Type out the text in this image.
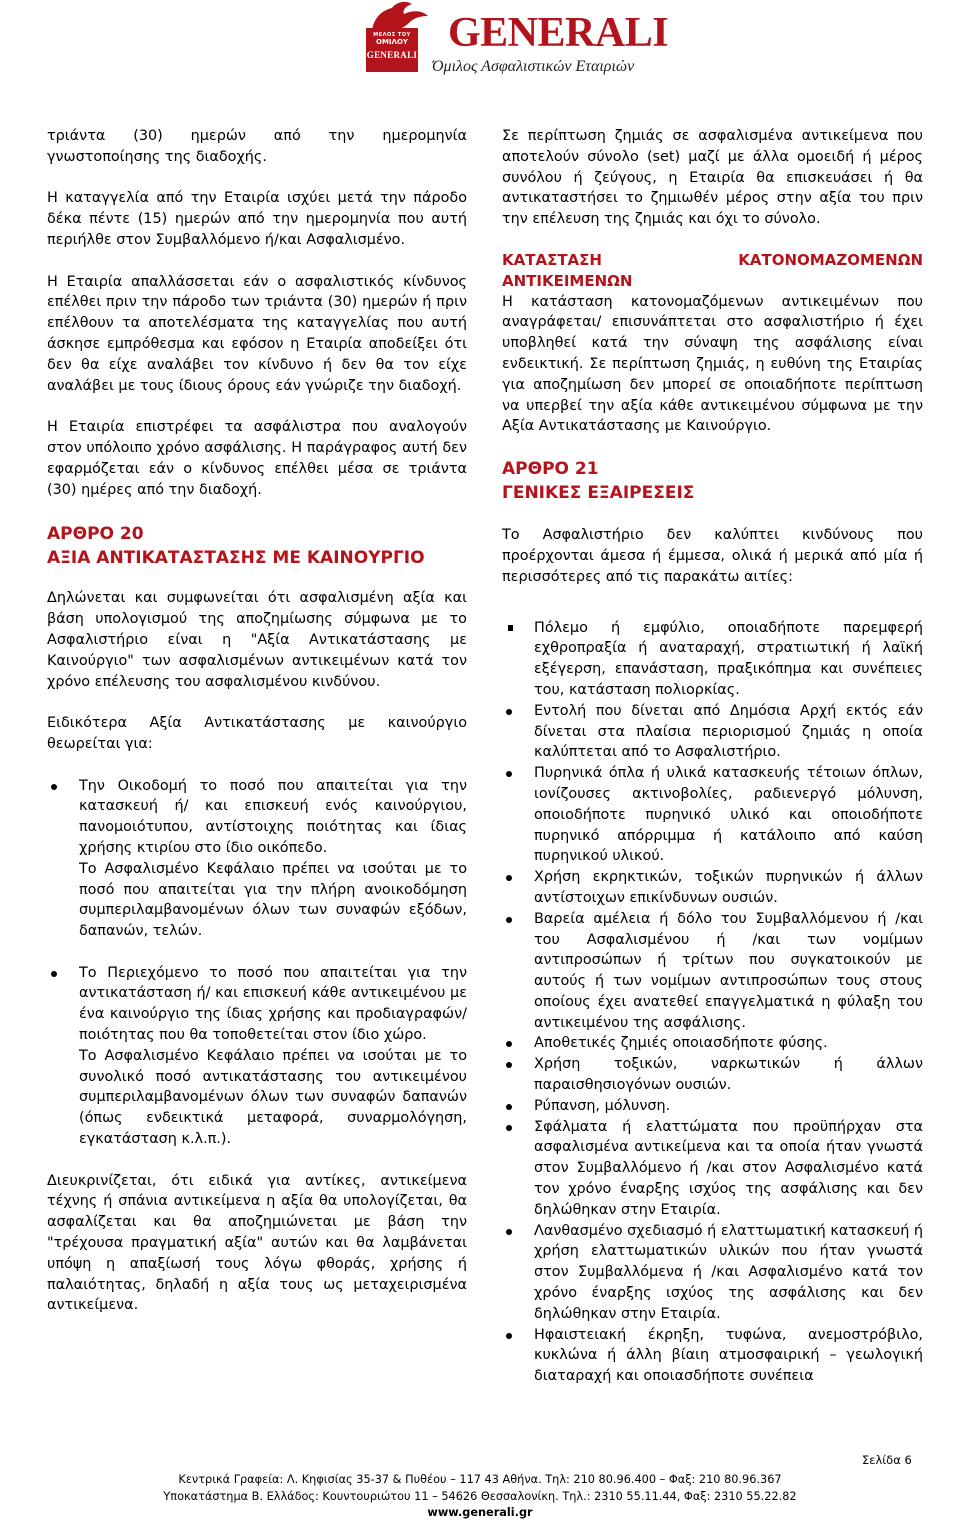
ΜΕΛΟΣ ΤΟΥ
ΟΜΙΛΟΥ
GENERALI GENERALI
Όμιλος Ασφαλιστικών Εταιριών

τριάντα (30) ημερών από την ημερομηνία γνωστοποίησης της διαδοχής.

Η καταγγελία από την Εταιρία ισχύει μετά την πάροδο δέκα πέντε (15) ημερών από την ημερομηνία που αυτή περιήλθε στον Συμβαλλόμενο ή/και Ασφαλισμένο.

Η Εταιρία απαλλάσσεται εάν ο ασφαλιστικός κίνδυνος επέλθει πριν την πάροδο των τριάντα (30) ημερών ή πριν επέλθουν τα αποτελέσματα της καταγγελίας που αυτή άσκησε εμπρόθεσμα και εφόσον η Εταιρία αποδείξει ότι δεν θα είχε αναλάβει τον κίνδυνο ή δεν θα τον είχε αναλάβει με τους ίδιους όρους εάν γνώριζε την διαδοχή.

Η Εταιρία επιστρέφει τα ασφάλιστρα που αναλογούν στον υπόλοιπο χρόνο ασφάλισης. Η παράγραφος αυτή δεν εφαρμόζεται εάν ο κίνδυνος επέλθει μέσα σε τριάντα (30) ημέρες από την διαδοχή.

ΑΡΘΡΟ 20

ΑΞΙΑ ΑΝΤΙΚΑΤΑΣΤΑΣΗΣ ΜΕ ΚΑΙΝΟΥΡΓΙΟ

Δηλώνεται και συμφωνείται ότι ασφαλισμένη αξία και βάση υπολογισμού της αποζημίωσης σύμφωνα με το Ασφαλιστήριο είναι η "Αξία Αντικατάστασης με Καινούργιο" των ασφαλισμένων αντικειμένων κατά τον χρόνο επέλευσης του ασφαλισμένου κινδύνου.

Ειδικότερα Αξία Αντικατάστασης με καινούργιο θεωρείται για:

Την Οικοδομή το ποσό που απαιτείται για την κατασκευή ή/ και επισκευή ενός καινούργιου, πανομοιότυπου, αντίστοιχης ποιότητας και ίδιας χρήσης κτιρίου στο ίδιο οικόπεδο.
Το Ασφαλισμένο Κεφάλαιο πρέπει να ισούται με το ποσό που απαιτείται για την πλήρη ανοικοδόμηση συμπεριλαμβανομένων όλων των συναφών εξόδων, δαπανών, τελών.
Το Περιεχόμενο το ποσό που απαιτείται για την αντικατάσταση ή/ και επισκευή κάθε αντικειμένου με ένα καινούργιο της ίδιας χρήσης και προδιαγραφών/ ποιότητας που θα τοποθετείται στον ίδιο χώρο.
Το Ασφαλισμένο Κεφάλαιο πρέπει να ισούται με το συνολικό ποσό αντικατάστασης του αντικειμένου συμπεριλαμβανομένων όλων των συναφών δαπανών (όπως ενδεικτικά μεταφορά, συναρμολόγηση, εγκατάσταση κ.λ.π.).

Διευκρινίζεται, ότι ειδικά για αντίκες, αντικείμενα τέχνης ή σπάνια αντικείμενα η αξία θα υπολογίζεται, θα ασφαλίζεται και θα αποζημιώνεται με βάση την "τρέχουσα πραγματική αξία" αυτών και θα λαμβάνεται υπόψη η απαξίωσή τους λόγω φθοράς, χρήσης ή παλαιότητας, δηλαδή η αξία τους ως μεταχειρισμένα αντικείμενα.

Σε περίπτωση ζημιάς σε ασφαλισμένα αντικείμενα που αποτελούν σύνολο (set) μαζί με άλλα ομοειδή ή μέρος συνόλου ή ζεύγους, η Εταιρία θα επισκευάσει ή θα αντικαταστήσει το ζημιωθέν μέρος στην αξία του πριν την επέλευση της ζημιάς και όχι το σύνολο.

ΚΑΤΑΣΤΑΣΗ ΚΑΤΟΝΟΜΑΖΟΜΕΝΩΝ ΑΝΤΙΚΕΙΜΕΝΩΝ

Η κατάσταση κατονομαζόμενων αντικειμένων που αναγράφεται/ επισυνάπτεται στο ασφαλιστήριο ή έχει υποβληθεί κατά την σύναψη της ασφάλισης είναι ενδεικτική. Σε περίπτωση ζημιάς, η ευθύνη της Εταιρίας για αποζημίωση δεν μπορεί σε οποιαδήποτε περίπτωση να υπερβεί την αξία κάθε αντικειμένου σύμφωνα με την Αξία Αντικατάστασης με Καινούργιο.

ΑΡΘΡΟ 21

ΓΕΝΙΚΕΣ ΕΞΑΙΡΕΣΕΙΣ

Το Ασφαλιστήριο δεν καλύπτει κινδύνους που προέρχονται άμεσα ή έμμεσα, ολικά ή μερικά από μία ή περισσότερες από τις παρακάτω αιτίες:

Πόλεμο ή εμφύλιο, οποιαδήποτε παρεμφερή εχθροπραξία ή αναταραχή, στρατιωτική ή λαϊκή εξέγερση, επανάσταση, πραξικόπημα και συνέπειες του, κατάσταση πολιορκίας.
Εντολή που δίνεται από Δημόσια Αρχή εκτός εάν δίνεται στα πλαίσια περιορισμού ζημιάς η οποία καλύπτεται από το Ασφαλιστήριο.
Πυρηνικά όπλα ή υλικά κατασκευής τέτοιων όπλων, ιονίζουσες ακτινοβολίες, ραδιενεργό μόλυνση, οποιοδήποτε πυρηνικό υλικό και οποιοδήποτε πυρηνικό απόρριμμα ή κατάλοιπο από καύση πυρηνικού υλικού.
Χρήση εκρηκτικών, τοξικών πυρηνικών ή άλλων αντίστοιχων επικίνδυνων ουσιών.
Βαρεία αμέλεια ή δόλο του Συμβαλλόμενου ή /και του Ασφαλισμένου ή /και των νομίμων αντιπροσώπων ή τρίτων που συγκατοικούν με αυτούς ή των νομίμων αντιπροσώπων τους στους οποίους έχει ανατεθεί επαγγελματικά η φύλαξη του αντικειμένου της ασφάλισης.
Αποθετικές ζημιές οποιασδήποτε φύσης.
Χρήση τοξικών, ναρκωτικών ή άλλων παραισθησιογόνων ουσιών.
Ρύπανση, μόλυνση.
Σφάλματα ή ελαττώματα που προϋπήρχαν στα ασφαλισμένα αντικείμενα και τα οποία ήταν γνωστά στον Συμβαλλόμενο ή /και στον Ασφαλισμένο κατά τον χρόνο έναρξης ισχύος της ασφάλισης και δεν δηλώθηκαν στην Εταιρία.
Λανθασμένο σχεδιασμό ή ελαττωματική κατασκευή ή χρήση ελαττωματικών υλικών που ήταν γνωστά στον Συμβαλλόμενα ή /και Ασφαλισμένο κατά τον χρόνο έναρξης ισχύος της ασφάλισης και δεν δηλώθηκαν στην Εταιρία.
Ηφαιστειακή έκρηξη, τυφώνα, ανεμοστρόβιλο, κυκλώνα ή άλλη βίαιη ατμοσφαιρική – γεωλογική διαταραχή και οποιασδήποτε συνέπεια
Σελίδα 6
Κεντρικά Γραφεία: Λ. Κηφισίας 35-37 & Πυθέου – 117 43 Αθήνα. Τηλ: 210 80.96.400 – Φαξ: 210 80.96.367
Υποκατάστημα Β. Ελλάδος: Κουντουριώτου 11 – 54626 Θεσσαλονίκη. Τηλ.: 2310 55.11.44, Φαξ: 2310 55.22.82
www.generali.gr
